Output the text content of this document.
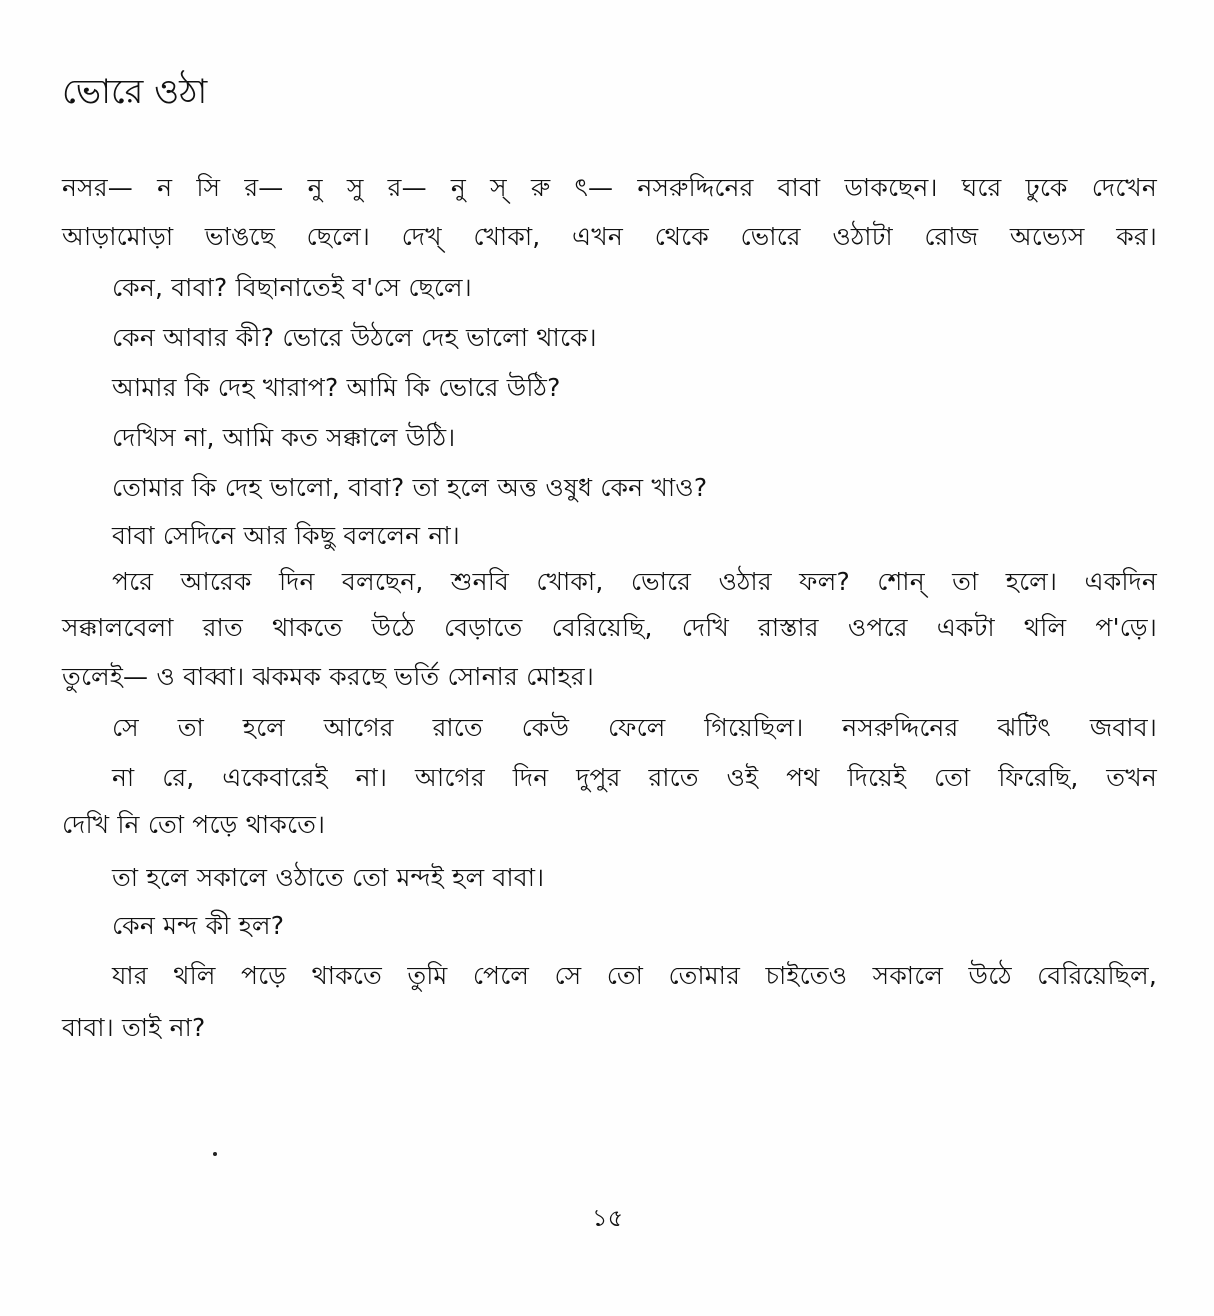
ভোরে ওঠা
নসর— ন সি র— নু সু র— নু স্ রু ৎ— নসরুদ্দিনের বাবা ডাকছেন। ঘরে ঢুকে দেখেন
আড়ামোড়া ভাঙছে ছেলে। দেখ্ খোকা, এখন থেকে ভোরে ওঠাটা রোজ অভ্যেস কর।
কেন, বাবা? বিছানাতেই ব'সে ছেলে।
কেন আবার কী? ভোরে উঠলে দেহ ভালো থাকে।
আমার কি দেহ খারাপ? আমি কি ভোরে উঠি?
দেখিস না, আমি কত সক্কালে উঠি।
তোমার কি দেহ ভালো, বাবা? তা হলে অত্ত ওষুধ কেন খাও?
বাবা সেদিনে আর কিছু বললেন না।
পরে আরেক দিন বলছেন, শুনবি খোকা, ভোরে ওঠার ফল? শোন্ তা হলে। একদিন
সক্কালবেলা রাত থাকতে উঠে বেড়াতে বেরিয়েছি, দেখি রাস্তার ওপরে একটা থলি প'ড়ে।
তুলেই— ও বাব্বা। ঝকমক করছে ভর্তি সোনার মোহর।
সে তা হলে আগের রাতে কেউ ফেলে গিয়েছিল। নসরুদ্দিনের ঝটিৎ জবাব।
না রে, একেবারেই না। আগের দিন দুপুর রাতে ওই পথ দিয়েই তো ফিরেছি, তখন
দেখি নি তো পড়ে থাকতে।
তা হলে সকালে ওঠাতে তো মন্দই হল বাবা।
কেন মন্দ কী হল?
যার থলি পড়ে থাকতে তুমি পেলে সে তো তোমার চাইতেও সকালে উঠে বেরিয়েছিল,
বাবা। তাই না?
১৫
